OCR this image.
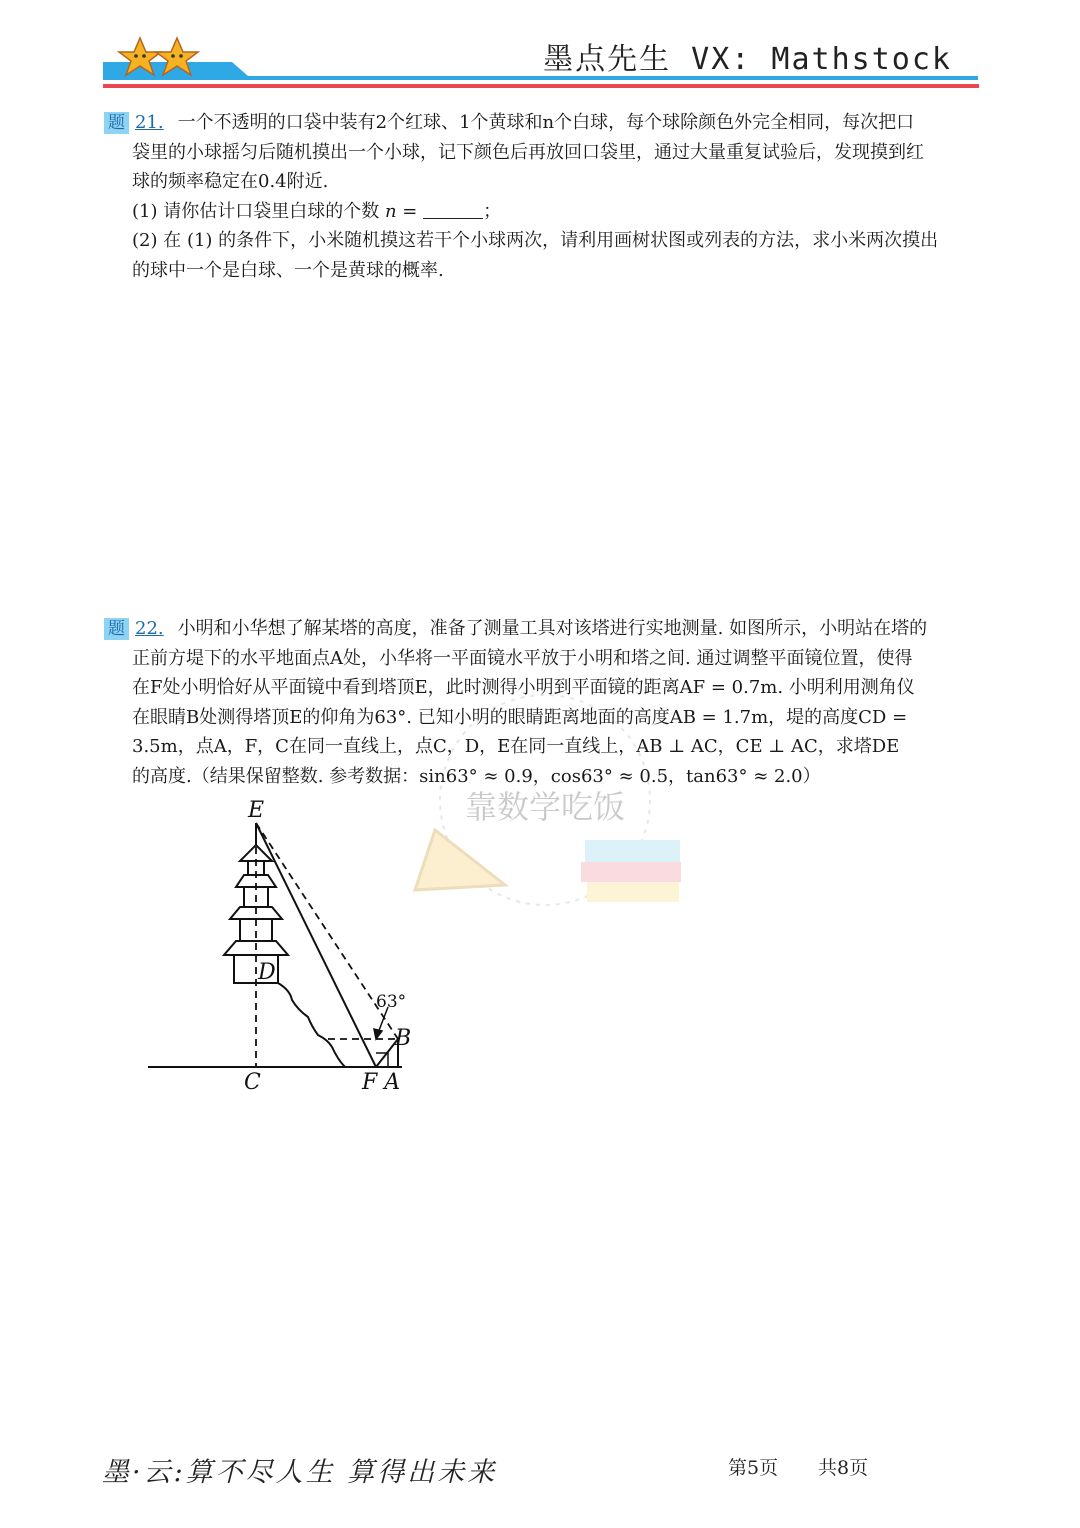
墨点先生 VX: Mathstock

题 21. 一个不透明的口袋中装有2个红球、1个黄球和n个白球，每个球除颜色外完全相同，每次把口

袋里的小球摇匀后随机摸出一个小球，记下颜色后再放回口袋里，通过大量重复试验后，发现摸到红

球的频率稳定在0.4附近.

(1) 请你估计口袋里白球的个数 n =	；

(2) 在 (1) 的条件下，小米随机摸这若干个小球两次，请利用画树状图或列表的方法，求小米两次摸出

的球中一个是白球、一个是黄球的概率.

题 22. 小明和小华想了解某塔的高度，准备了测量工具对该塔进行实地测量. 如图所示，小明站在塔的

正前方堤下的水平地面点A处，小华将一平面镜水平放于小明和塔之间. 通过调整平面镜位置，使得

在F处小明恰好从平面镜中看到塔顶E，此时测得小明到平面镜的距离AF = 0.7m. 小明利用测角仪

在眼睛B处测得塔顶E的仰角为63°. 已知小明的眼睛距离地面的高度AB = 1.7m，堤的高度CD =

3.5m，点A，F，C在同一直线上，点C，D，E在同一直线上，AB ⊥ AC，CE ⊥ AC，求塔DE

的高度.（结果保留整数. 参考数据：sin63° ≈ 0.9，cos63° ≈ 0.5，tan63° ≈ 2.0）

靠数学吃饭
E
D
B
C	F A
63°
墨·云:算不尽人生 算得出未来	第5页 共8页
